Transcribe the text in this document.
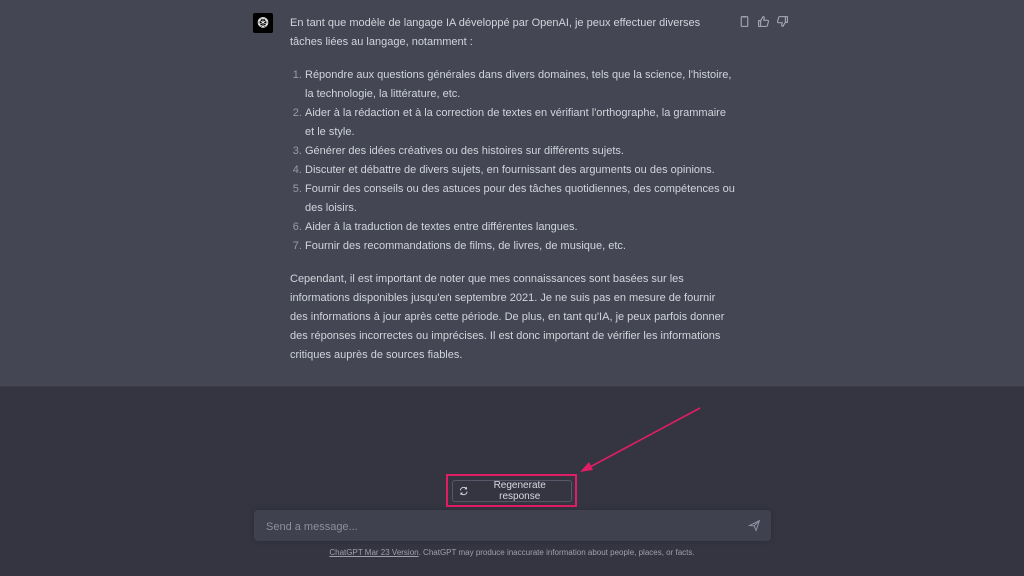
En tant que modèle de langage IA développé par OpenAI, je peux effectuer diverses tâches liées au langage, notamment :

1. Répondre aux questions générales dans divers domaines, tels que la science, l'histoire, la technologie, la littérature, etc.
2. Aider à la rédaction et à la correction de textes en vérifiant l'orthographe, la grammaire et le style.
3. Générer des idées créatives ou des histoires sur différents sujets.
4. Discuter et débattre de divers sujets, en fournissant des arguments ou des opinions.
5. Fournir des conseils ou des astuces pour des tâches quotidiennes, des compétences ou des loisirs.
6. Aider à la traduction de textes entre différentes langues.
7. Fournir des recommandations de films, de livres, de musique, etc.

Cependant, il est important de noter que mes connaissances sont basées sur les informations disponibles jusqu'en septembre 2021. Je ne suis pas en mesure de fournir des informations à jour après cette période. De plus, en tant qu'IA, je peux parfois donner des réponses incorrectes ou imprécises. Il est donc important de vérifier les informations critiques auprès de sources fiables.

Regenerate response
Send a message...
ChatGPT Mar 23 Version. ChatGPT may produce inaccurate information about people, places, or facts.
